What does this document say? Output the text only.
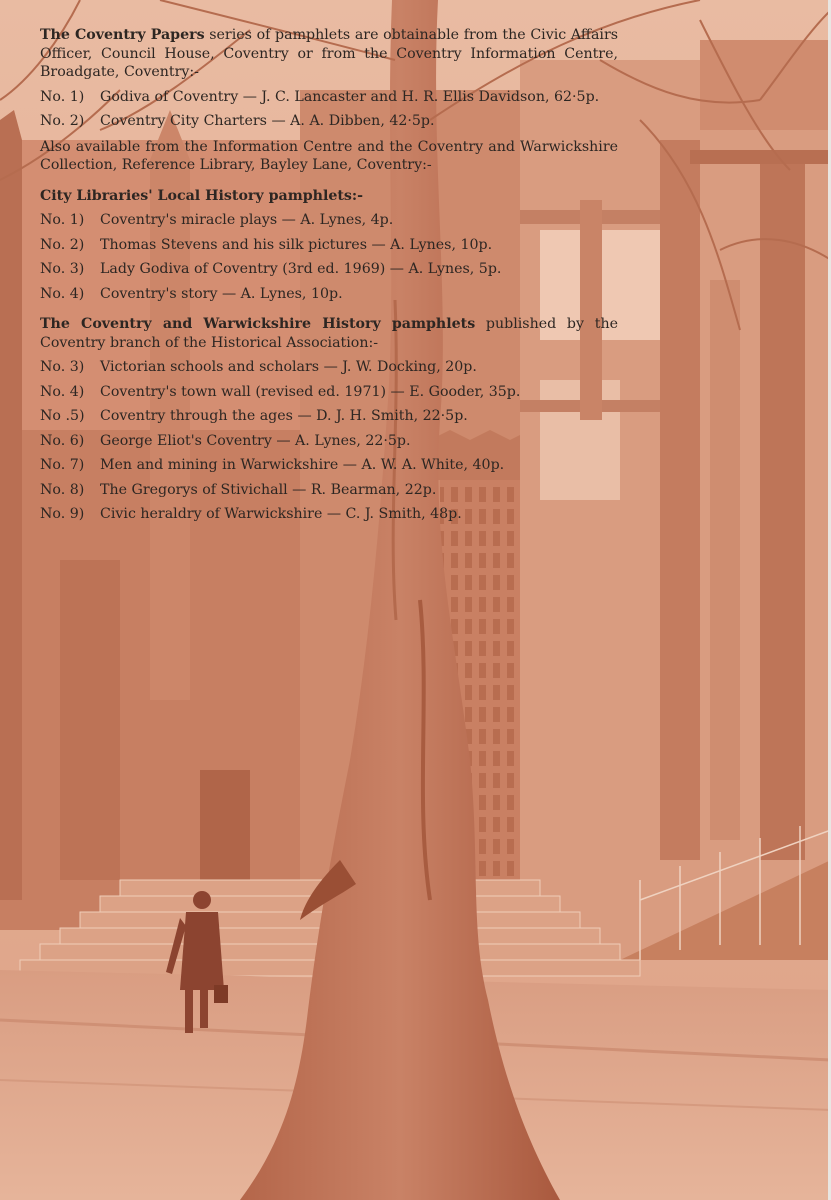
The Coventry Papers series of pamphlets are obtainable from the Civic Affairs Officer, Council House, Coventry or from the Coventry Information Centre, Broadgate, Coventry:-

No. 1)	Godiva of Coventry — J. C. Lancaster and H. R. Ellis Davidson, 62·5p.
No. 2)	Coventry City Charters — A. A. Dibben, 42·5p.

Also available from the Information Centre and the Coventry and Warwickshire Collection, Reference Library, Bayley Lane, Coventry:-

City Libraries' Local History pamphlets:-

No. 1)	Coventry's miracle plays — A. Lynes, 4p.
No. 2)	Thomas Stevens and his silk pictures — A. Lynes, 10p.
No. 3)	Lady Godiva of Coventry (3rd ed. 1969) — A. Lynes, 5p.
No. 4)	Coventry's story — A. Lynes, 10p.

The Coventry and Warwickshire History pamphlets published by the Coventry branch of the Historical Association:-

No. 3)	Victorian schools and scholars — J. W. Docking, 20p.
No. 4)	Coventry's town wall (revised ed. 1971) — E. Gooder, 35p.
No .5)	Coventry through the ages — D. J. H. Smith, 22·5p.
No. 6)	George Eliot's Coventry — A. Lynes, 22·5p.
No. 7)	Men and mining in Warwickshire — A. W. A. White, 40p.
No. 8)	The Gregorys of Stivichall — R. Bearman, 22p.
No. 9)	Civic heraldry of Warwickshire — C. J. Smith, 48p.
